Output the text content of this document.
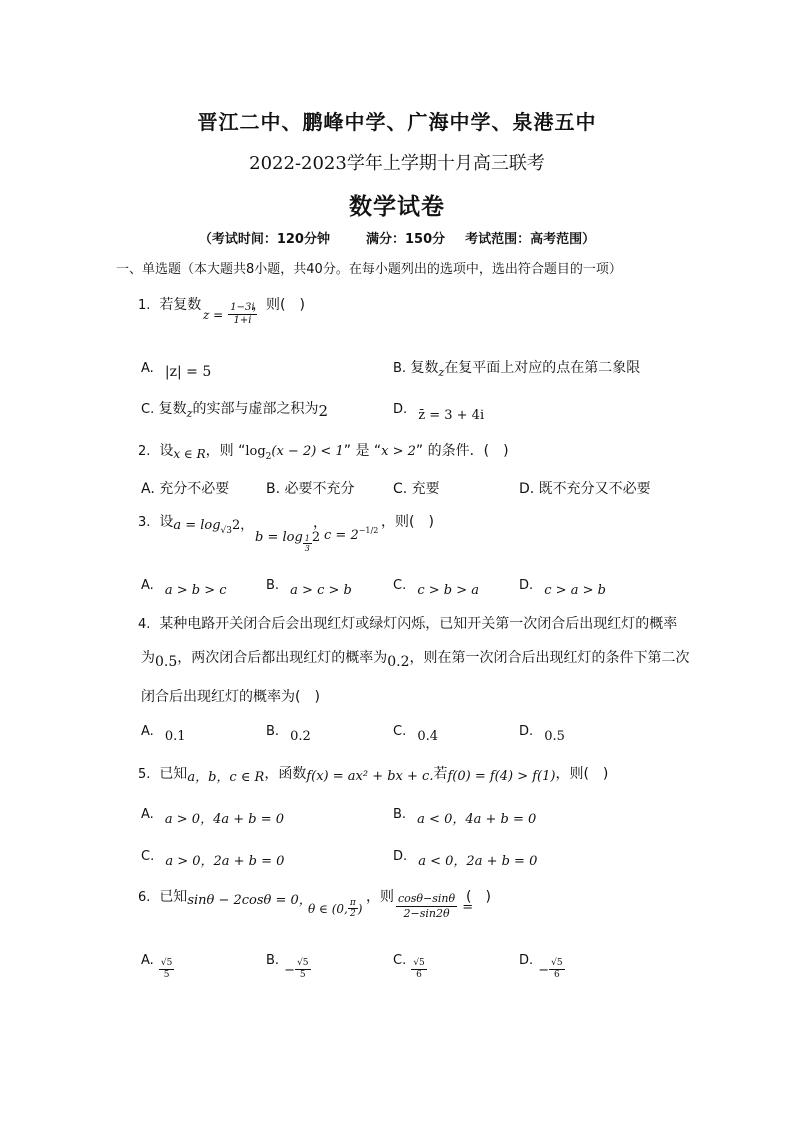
晋江二中、鹏峰中学、广海中学、泉港五中
2022-2023学年上学期十月高三联考
数学试卷
（考试时间：120分钟	满分：150分 考试范围：高考范围）
一、单选题（本大题共8小题，共40分。在每小题列出的选项中，选出符合题目的一项）
1. 若复数
$z = \frac{1-3i}{1+i}$
，则(　)
A. |z| = 5	B. 复数$_z$在复平面上对应的点在第二象限
C. 复数$_z$的实部与虚部之积为2	D. $_{z̄ = 3 + 4i}$
2. 设x ∈ R，则 “$\log_2(x - 2) < 1$” 是 “x > 2” 的条件．(　)
A. 充分不必要	B. 必要不充分	C. 充要	D. 既不充分又不必要
3. 设$a = \log_{√3}2$，
$b = \log \frac{1}{3} 2$
，
$c = 2^{-1/2}$
，则(　)
A. $_{a > b > c}$	B. $_{a > c > b}$	C. $_{c > b > a}$	D. $_{c > a > b}$
4. 某种电路开关闭合后会出现红灯或绿灯闪烁，已知开关第一次闭合后出现红灯的概率
为0.5，两次闭合后都出现红灯的概率为0.2，则在第一次闭合后出现红灯的条件下第二次
闭合后出现红灯的概率为(　)
A. $_{0.1}$	B. $_{0.2}$	C. $_{0.4}$	D. $_{0.5}$
5. 已知a，b，c ∈ R，函数f(x) = ax² + bx + c.若f(0) = f(4) > f(1)，则(　)
A. $_{a > 0,4a + b = 0}$	B. $_{a < 0,4a + b = 0}$
C. $_{a > 0,2a + b = 0}$	D. $_{a < 0,2a + b = 0}$
6. 已知sinθ − 2cosθ = 0，
θ ∈ (0, $\frac{\pi}{2}$ )
，则 $\frac{\cos\theta-\sin\theta}{2-\sin 2\theta}$ =
(　)
A. $\frac{√5}{5}$	B. $_- \frac{√5}{5}$	C. $\frac{√5}{6}$	D. $_- \frac{√5}{6}$
